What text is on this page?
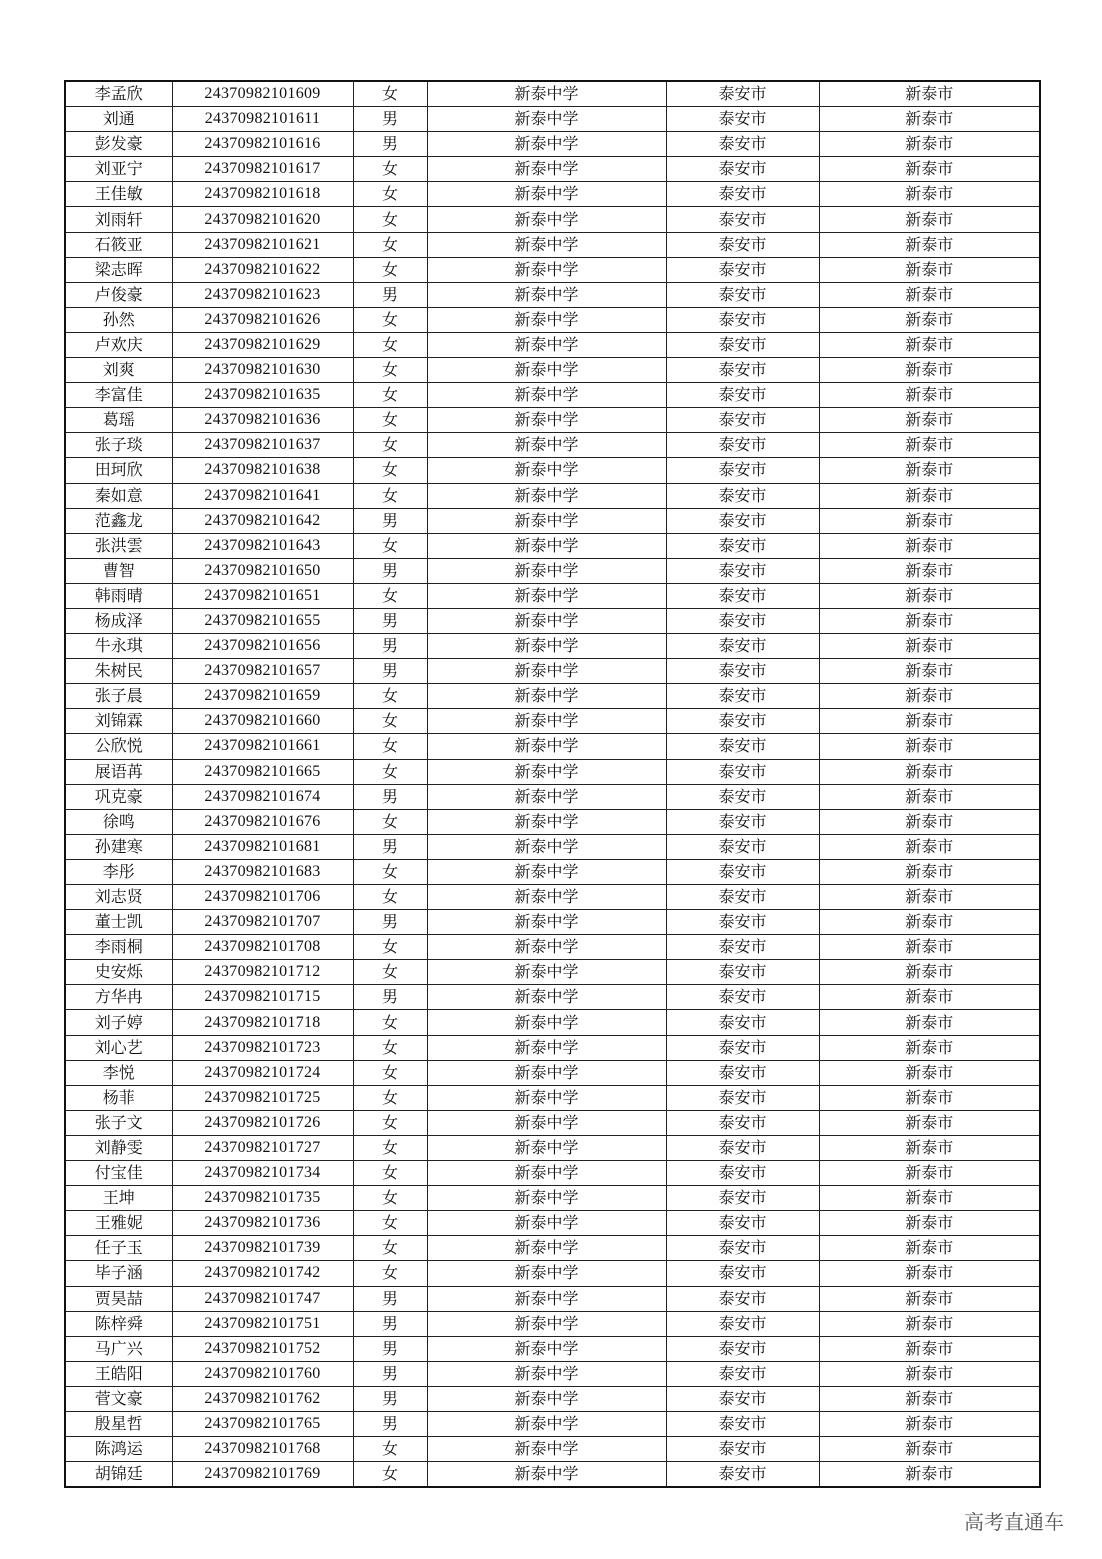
李孟欣	24370982101609	女	新泰中学	泰安市	新泰市
刘通	24370982101611	男	新泰中学	泰安市	新泰市
彭发豪	24370982101616	男	新泰中学	泰安市	新泰市
刘亚宁	24370982101617	女	新泰中学	泰安市	新泰市
王佳敏	24370982101618	女	新泰中学	泰安市	新泰市
刘雨轩	24370982101620	女	新泰中学	泰安市	新泰市
石筱亚	24370982101621	女	新泰中学	泰安市	新泰市
梁志晖	24370982101622	女	新泰中学	泰安市	新泰市
卢俊豪	24370982101623	男	新泰中学	泰安市	新泰市
孙然	24370982101626	女	新泰中学	泰安市	新泰市
卢欢庆	24370982101629	女	新泰中学	泰安市	新泰市
刘爽	24370982101630	女	新泰中学	泰安市	新泰市
李富佳	24370982101635	女	新泰中学	泰安市	新泰市
葛瑶	24370982101636	女	新泰中学	泰安市	新泰市
张子琰	24370982101637	女	新泰中学	泰安市	新泰市
田珂欣	24370982101638	女	新泰中学	泰安市	新泰市
秦如意	24370982101641	女	新泰中学	泰安市	新泰市
范鑫龙	24370982101642	男	新泰中学	泰安市	新泰市
张洪雲	24370982101643	女	新泰中学	泰安市	新泰市
曹智	24370982101650	男	新泰中学	泰安市	新泰市
韩雨晴	24370982101651	女	新泰中学	泰安市	新泰市
杨成泽	24370982101655	男	新泰中学	泰安市	新泰市
牛永琪	24370982101656	男	新泰中学	泰安市	新泰市
朱树民	24370982101657	男	新泰中学	泰安市	新泰市
张子晨	24370982101659	女	新泰中学	泰安市	新泰市
刘锦霖	24370982101660	女	新泰中学	泰安市	新泰市
公欣悦	24370982101661	女	新泰中学	泰安市	新泰市
展语苒	24370982101665	女	新泰中学	泰安市	新泰市
巩克豪	24370982101674	男	新泰中学	泰安市	新泰市
徐鸣	24370982101676	女	新泰中学	泰安市	新泰市
孙建寒	24370982101681	男	新泰中学	泰安市	新泰市
李彤	24370982101683	女	新泰中学	泰安市	新泰市
刘志贤	24370982101706	女	新泰中学	泰安市	新泰市
董士凯	24370982101707	男	新泰中学	泰安市	新泰市
李雨桐	24370982101708	女	新泰中学	泰安市	新泰市
史安烁	24370982101712	女	新泰中学	泰安市	新泰市
方华冉	24370982101715	男	新泰中学	泰安市	新泰市
刘子婷	24370982101718	女	新泰中学	泰安市	新泰市
刘心艺	24370982101723	女	新泰中学	泰安市	新泰市
李悦	24370982101724	女	新泰中学	泰安市	新泰市
杨菲	24370982101725	女	新泰中学	泰安市	新泰市
张子文	24370982101726	女	新泰中学	泰安市	新泰市
刘静雯	24370982101727	女	新泰中学	泰安市	新泰市
付宝佳	24370982101734	女	新泰中学	泰安市	新泰市
王坤	24370982101735	女	新泰中学	泰安市	新泰市
王雅妮	24370982101736	女	新泰中学	泰安市	新泰市
任子玉	24370982101739	女	新泰中学	泰安市	新泰市
毕子涵	24370982101742	女	新泰中学	泰安市	新泰市
贾昊喆	24370982101747	男	新泰中学	泰安市	新泰市
陈梓舜	24370982101751	男	新泰中学	泰安市	新泰市
马广兴	24370982101752	男	新泰中学	泰安市	新泰市
王皓阳	24370982101760	男	新泰中学	泰安市	新泰市
菅文豪	24370982101762	男	新泰中学	泰安市	新泰市
殷星哲	24370982101765	男	新泰中学	泰安市	新泰市
陈鸿运	24370982101768	女	新泰中学	泰安市	新泰市
胡锦廷	24370982101769	女	新泰中学	泰安市	新泰市
高考直通车
